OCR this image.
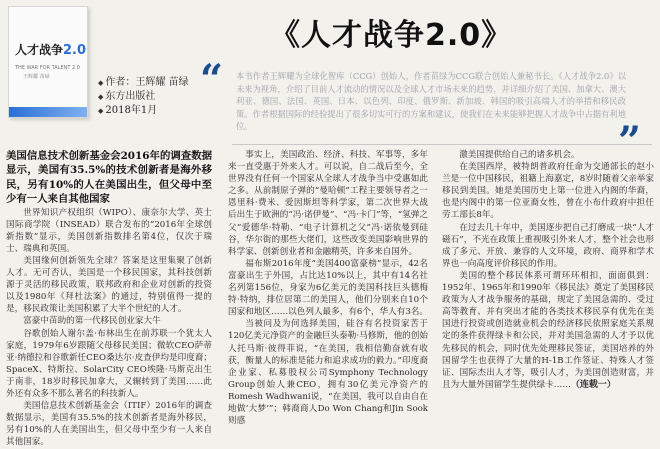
人才战争2.0
THE WAR FOR TALENT 2.0
王辉耀 苗绿
◆	作者：王辉耀 苗绿
◆ 东方出版社
◆ 2018年1月
《人才战争2.0》
“ 本书作者王辉耀为全球化智库（CCG）创始人，作者苗绿为CCG联合创始人兼秘书长。《人才战争2.0》以未来为视角，介绍了目前人才流动的情况以及全球人才市场未来的趋势，并详细介绍了美国、加拿大、澳大利亚、德国、法国、英国、日本、以色列、印度、俄罗斯、新加坡、韩国的吸引高端人才的举措和移民政策。作者根据国际的经验提出了很多切实可行的方案和建议，使我们在未来能够把握人才战争中占据有利地位。	”
美国信息技术创新基金会2016年的调查数据显示，美国有35.5%的技术创新者是海外移民，另有10%的人在美国出生，但父母中至少有一人来自其他国家

世界知识产权组织（WIPO）、康奈尔大学、英士国际商学院（INSEAD）联合发布的“2016年全球创新指数”显示，美国创新指数排名第4位，仅次于瑞士、瑞典和英国。

美国缘何创新领先全球？答案是这里集聚了创新人才。无可否认，美国是一个移民国家，其科技创新源于灵活的移民政策，联邦政府和企业对创新的投资以及1980年《拜杜法案》的通过，特别值得一提的是，移民政策让美国积累了大半个世纪的人才。

富豪中苗助的第一代移民创业家大牛

谷歌创始人谢尔盖·布林出生在前苏联一个犹太人家庭，1979年6岁跟随父母移民美国；微软CEO萨蒂亚·纳德拉和谷歌新任CEO桑达尔·皮查伊均是印度裔；SpaceX、特斯拉、SolarCity CEO埃隆·马斯克出生于南非，18岁时移民加拿大，又辗转到了美国……此外还有众多不那么著名的科技新人。

美国信息技术创新基金会（ITIF）2016年的调查数据显示，美国有35.5%的技术创新者是海外移民，另有10%的人在美国出生，但父母中至少有一人来自其他国家。

事实上，美国政治、经济、科技、军事等，多年来一直受惠于外来人才。可以说，自二战后至今，全世界没有任何一个国家从全球人才战争当中受惠如此之多。从前制原子弹的“曼哈顿”工程主要领导者之一恩里科·费米、爱因斯坦等科学家，第二次世界大战后出生于欧洲的“冯·诺伊曼”、“冯·卡门”等，“氢弹之父”爱德华·特勒、“电子计算机之父”冯·诺依曼到硅谷，华尔街的那些大佬们，这些改变美国影响世界的科学家、创新创业者和金融精英，许多来自国外。

福布斯2016年度“美国400富豪榜”显示，42名富豪出生于外国，占比达10%以上，其中有14名社名列第156位，身家为6亿美元的美国科技巨头德梅特·特纳，排位居第二的美国人，他们分别来自10个国家和地区……以色列人最多，有6个，华人有3名。

当被问及为何选择美国，硅谷有名投资家苦于120亿美元净资产的金融巨头泰勒·马修斯，他的创始人托马斯·彼得菲说，“在美国，我相信勤奋就有收获，衡量人的标准是能力和追求成功的毅力。”印度裔企业家、私募股权公司Symphony Technology Group创始人兼CEO，拥有30亿美元净资产的Romesh Wadhwani说，“在美国，我可以自由自在地做‘大梦’”；韩裔商人Do Won Chang和Jin Sook则感

激美国提供给自己的诸多机会。

在美国西岸，被特朗普政府任命为交通部长的赵小兰是一位中国移民，祖籍上海嘉定，8岁时随着父亲举家移民到美国。她是美国历史上第一位进入内阁的华裔，也是内阁中的第一位亚裔女性，曾在小布什政府中担任劳工部长8年。

在过去几十年中，美国逐步把自己打磨成一块“人才磁石”，不光在政策上重视吸引外来人才，整个社会也形成了多元、开放、兼容的人文环境，政府、商界和学术界也一向高度评价移民的作用。

美国的整个移民体系可谓环环相扣，面面俱到：1952年、1965年和1990年《移民法》奠定了美国移民政策为人才战争服务的基础，规定了美国急需的、受过高等教育、并有突出才能的各类技术移民享有优先在美国进行投资或创造就业机会的经济移民依照家庭关系规定的条件获得绿卡和公民，并对美国急需的人才予以优先移民的机会，同时优先处理移民签证，美国培养的外国留学生也获得了大量的H-1B工作签证、特殊人才签证、国际杰出人才等，吸引人才，为美国创造财富，并且为大量外国留学生提供绿卡……（连载一）
